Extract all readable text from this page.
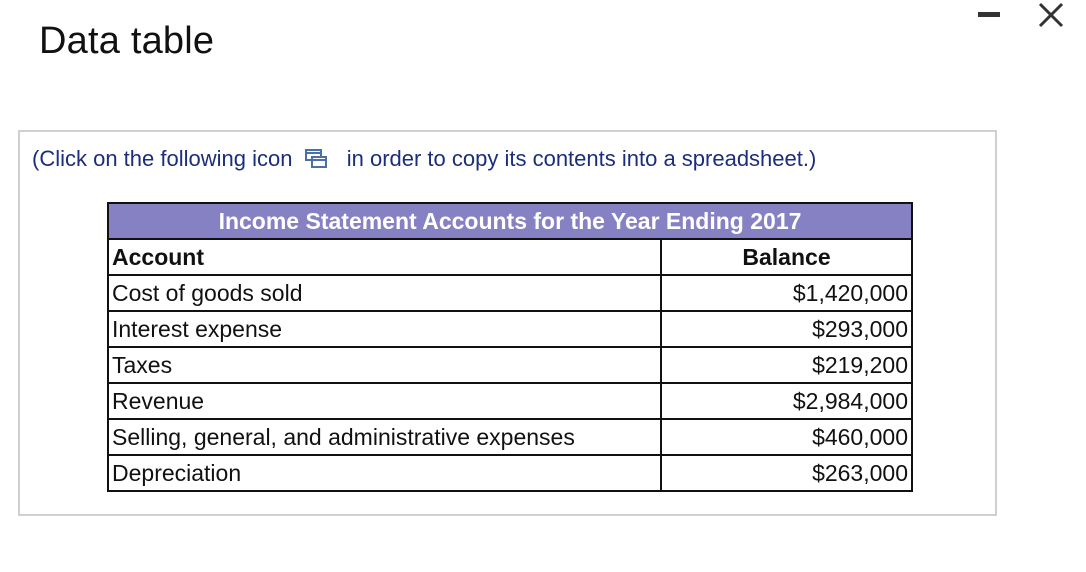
Data table
(Click on the following icon in order to copy its contents into a spreadsheet.)
Income Statement Accounts for the Year Ending 2017	
Account	Balance
Cost of goods sold	$1,420,000
Interest expense	$293,000
Taxes	$219,200
Revenue	$2,984,000
Selling, general, and administrative expenses	$460,000
Depreciation	$263,000
